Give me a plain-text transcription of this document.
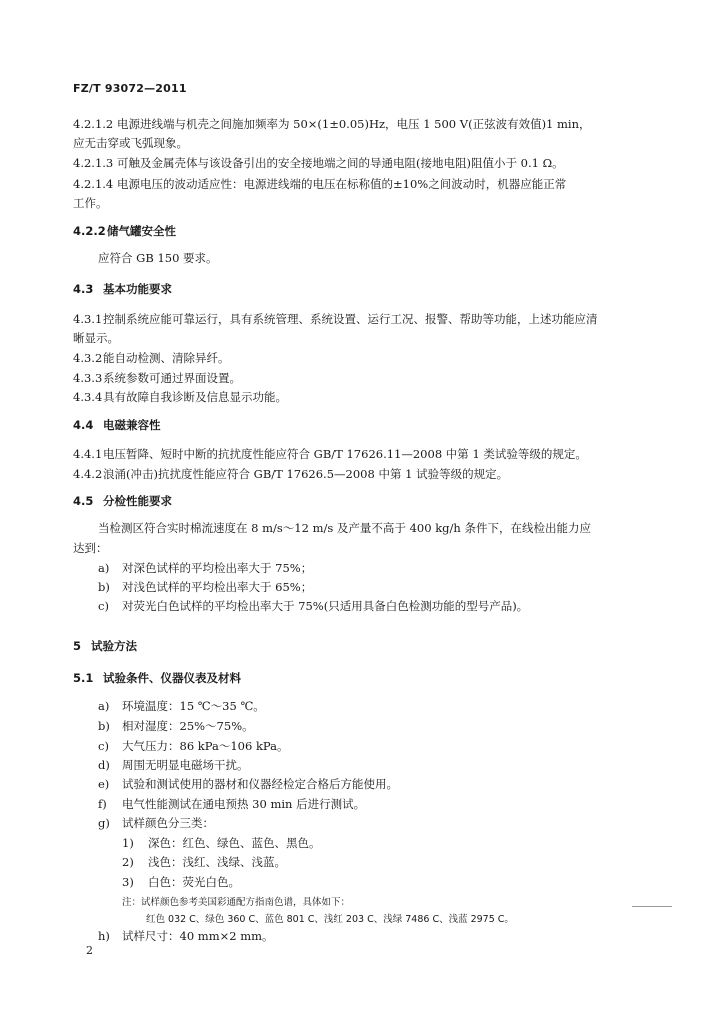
FZ/T 93072—2011
4.2.1.2 电源进线端与机壳之间施加频率为 50×(1±0.05)Hz，电压 1 500 V(正弦波有效值)1 min，
应无击穿或飞弧现象。
4.2.1.3 可触及金属壳体与该设备引出的安全接地端之间的导通电阻(接地电阻)阻值小于 0.1 Ω。
4.2.1.4 电源电压的波动适应性：电源进线端的电压在标称值的±10%之间波动时，机器应能正常
工作。
4.2.2储气罐安全性
应符合 GB 150 要求。
4.3 基本功能要求
4.3.1控制系统应能可靠运行，具有系统管理、系统设置、运行工况、报警、帮助等功能，上述功能应清
晰显示。
4.3.2能自动检测、清除异纤。
4.3.3系统参数可通过界面设置。
4.3.4具有故障自我诊断及信息显示功能。
4.4 电磁兼容性
4.4.1电压暂降、短时中断的抗扰度性能应符合 GB/T 17626.11—2008 中第 1 类试验等级的规定。
4.4.2浪涌(冲击)抗扰度性能应符合 GB/T 17626.5—2008 中第 1 试验等级的规定。
4.5 分检性能要求
当检测区符合实时棉流速度在 8 m/s～12 m/s 及产量不高于 400 kg/h 条件下，在线检出能力应
达到：
a) 对深色试样的平均检出率大于 75%；
b) 对浅色试样的平均检出率大于 65%；
c) 对荧光白色试样的平均检出率大于 75%(只适用具备白色检测功能的型号产品)。
5 试验方法
5.1 试验条件、仪器仪表及材料
a) 环境温度：15 ℃～35 ℃。
b) 相对湿度：25%～75%。
c) 大气压力：86 kPa～106 kPa。
d) 周围无明显电磁场干扰。
e) 试验和测试使用的器材和仪器经检定合格后方能使用。
f) 电气性能测试在通电预热 30 min 后进行测试。
g) 试样颜色分三类：
1) 深色：红色、绿色、蓝色、黑色。
2) 浅色：浅红、浅绿、浅蓝。
3) 白色：荧光白色。
注：试样颜色参考美国彩通配方指南色谱，具体如下：
红色 032 C、绿色 360 C、蓝色 801 C、浅红 203 C、浅绿 7486 C、浅蓝 2975 C。
h) 试样尺寸：40 mm×2 mm。
2
